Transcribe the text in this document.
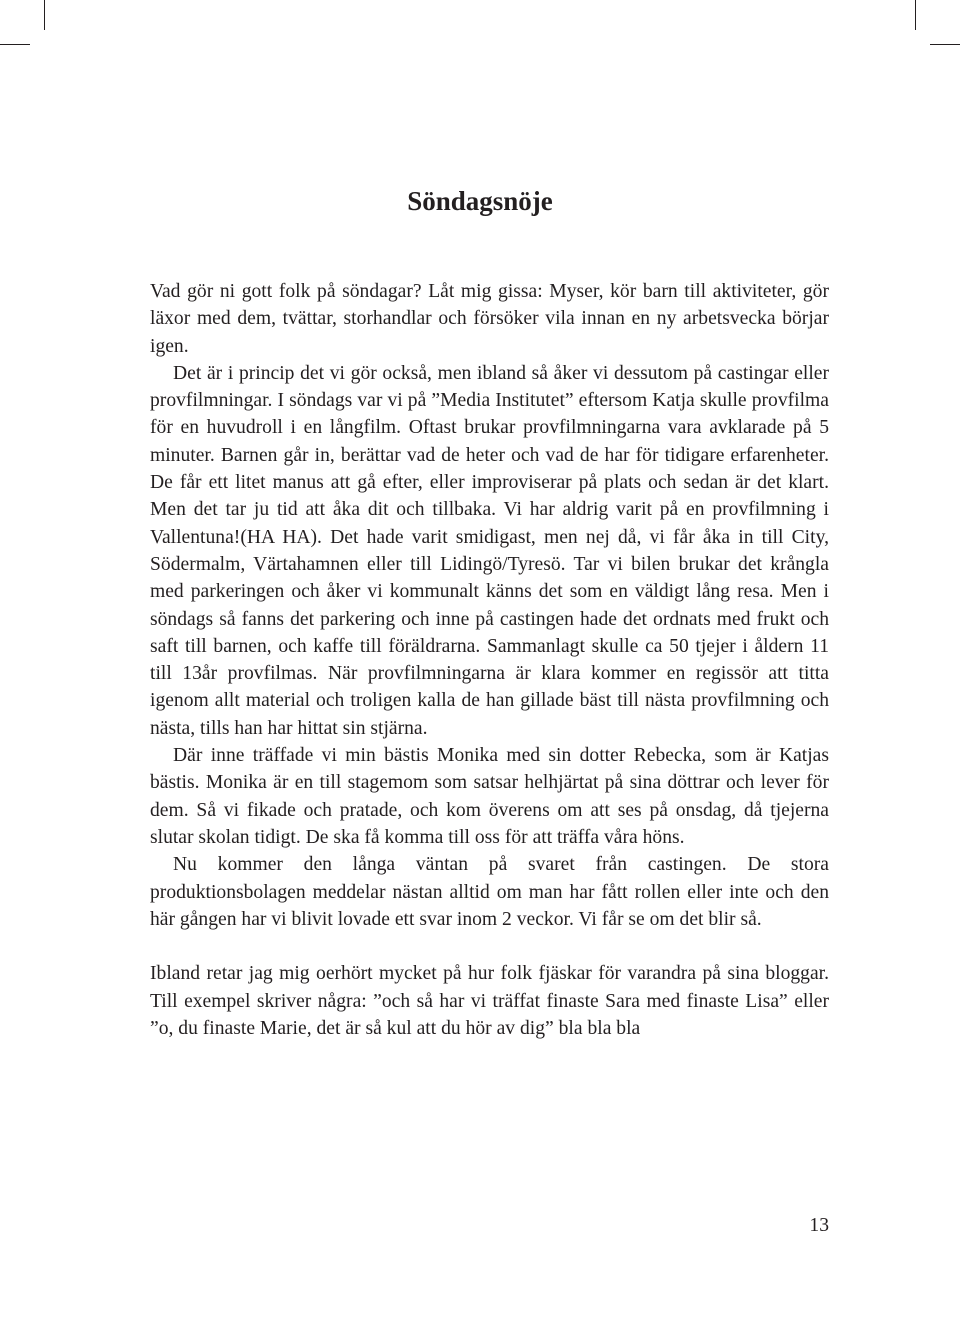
Söndagsnöje

Vad gör ni gott folk på söndagar? Låt mig gissa: Myser, kör barn till aktiviteter, gör läxor med dem, tvättar, storhandlar och försöker vila innan en ny arbetsvecka börjar igen.

Det är i princip det vi gör också, men ibland så åker vi dessutom på castingar eller provfilmningar. I söndags var vi på ”Media Institutet” eftersom Katja skulle provfilma för en huvudroll i en långfilm. Oftast brukar provfilmningarna vara avklarade på 5 minuter. Barnen går in, berättar vad de heter och vad de har för tidigare erfarenheter. De får ett litet manus att gå efter, eller improviserar på plats och sedan är det klart. Men det tar ju tid att åka dit och tillbaka. Vi har aldrig varit på en provfilmning i Vallentuna!(HA HA). Det hade varit smidigast, men nej då, vi får åka in till City, Södermalm, Värtahamnen eller till Lidingö/Tyresö. Tar vi bilen brukar det krångla med parkeringen och åker vi kommunalt känns det som en väldigt lång resa. Men i söndags så fanns det parkering och inne på castingen hade det ordnats med frukt och saft till barnen, och kaffe till föräldrarna. Sammanlagt skulle ca 50 tjejer i åldern 11 till 13år provfilmas. När provfilmningarna är klara kommer en regissör att titta igenom allt material och troligen kalla de han gillade bäst till nästa provfilmning och nästa, tills han har hittat sin stjärna.

Där inne träffade vi min bästis Monika med sin dotter Rebecka, som är Katjas bästis. Monika är en till stagemom som satsar helhjärtat på sina döttrar och lever för dem. Så vi fikade och pratade, och kom överens om att ses på onsdag, då tjejerna slutar skolan tidigt. De ska få komma till oss för att träffa våra höns.

Nu kommer den långa väntan på svaret från castingen. De stora produktionsbolagen meddelar nästan alltid om man har fått rollen eller inte och den här gången har vi blivit lovade ett svar inom 2 veckor. Vi får se om det blir så.

Ibland retar jag mig oerhört mycket på hur folk fjäskar för varandra på sina bloggar. Till exempel skriver några: ”och så har vi träffat finaste Sara med finaste Lisa” eller ”o, du finaste Marie, det är så kul att du hör av dig” bla bla bla

13
